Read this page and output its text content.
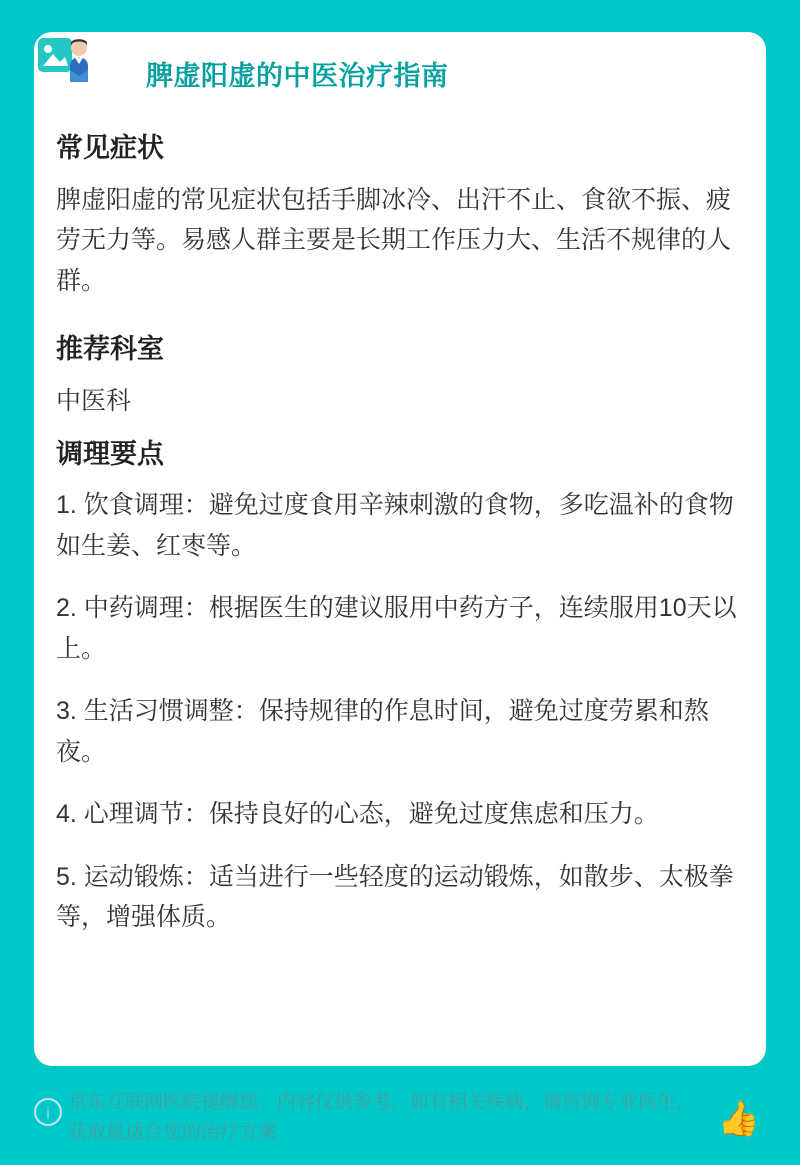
脾虚阳虚的中医治疗指南
常见症状

脾虚阳虚的常见症状包括手脚冰冷、出汗不止、食欲不振、疲劳无力等。易感人群主要是长期工作压力大、生活不规律的人群。

推荐科室

中医科

调理要点

1. 饮食调理：避免过度食用辛辣刺激的食物，多吃温补的食物如生姜、红枣等。

2. 中药调理：根据医生的建议服用中药方子，连续服用10天以上。

3. 生活习惯调整：保持规律的作息时间，避免过度劳累和熬夜。

4. 心理调节：保持良好的心态，避免过度焦虑和压力。

5. 运动锻炼：适当进行一些轻度的运动锻炼，如散步、太极拳等，增强体质。

i
京东互联网医院提醒您：内容仅供参考，如有相关疾病，请咨询专业医生，获取最适合您的治疗方案	👍
